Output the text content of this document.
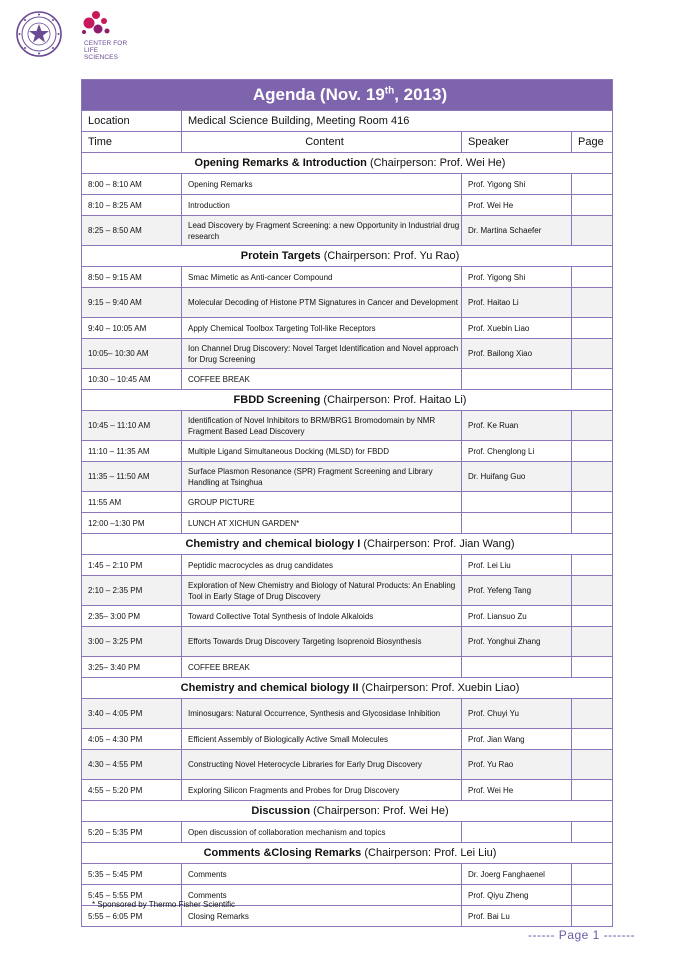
CENTER FOR
LIFE SCIENCES
Agenda (Nov. 19th, 2013)			
Location	Medical Science Building, Meeting Room 416		
Time	Content	Speaker	Page
Opening Remarks & Introduction (Chairperson: Prof. Wei He)			
8:00 – 8:10 AM	Opening Remarks	Prof. Yigong Shi	
8:10 – 8:25 AM	Introduction	Prof. Wei He	
8:25 – 8:50 AM	Lead Discovery by Fragment Screening: a new Opportunity in Industrial drug research	Dr. Martina Schaefer	
Protein Targets (Chairperson: Prof. Yu Rao)			
8:50 – 9:15 AM	Smac Mimetic as Anti-cancer Compound	Prof. Yigong Shi	
9:15 – 9:40 AM	Molecular Decoding of Histone PTM Signatures in Cancer and Development	Prof. Haitao Li	
9:40 – 10:05 AM	Apply Chemical Toolbox Targeting Toll-like Receptors	Prof. Xuebin Liao	
10:05– 10:30 AM	Ion Channel Drug Discovery: Novel Target Identification and Novel approach for Drug Screening	Prof. Bailong Xiao	
10:30 – 10:45 AM	COFFEE BREAK		
FBDD Screening (Chairperson: Prof. Haitao Li)			
10:45 – 11:10 AM	Identification of Novel Inhibitors to BRM/BRG1 Bromodomain by NMR Fragment Based Lead Discovery	Prof. Ke Ruan	
11:10 – 11:35 AM	Multiple Ligand Simultaneous Docking (MLSD) for FBDD	Prof. Chenglong Li	
11:35 – 11:50 AM	Surface Plasmon Resonance (SPR) Fragment Screening and Library Handling at Tsinghua	Dr. Huifang Guo	
11:55 AM	GROUP PICTURE		
12:00 –1:30 PM	LUNCH AT XICHUN GARDEN*		
Chemistry and chemical biology I (Chairperson: Prof. Jian Wang)			
1:45 – 2:10 PM	Peptidic macrocycles as drug candidates	Prof. Lei Liu	
2:10 – 2:35 PM	Exploration of New Chemistry and Biology of Natural Products: An Enabling Tool in Early Stage of Drug Discovery	Prof. Yefeng Tang	
2:35– 3:00 PM	Toward Collective Total Synthesis of Indole Alkaloids	Prof. Liansuo Zu	
3:00 – 3:25 PM	Efforts Towards Drug Discovery Targeting Isoprenoid Biosynthesis	Prof. Yonghui Zhang	
3:25– 3:40 PM	COFFEE BREAK		
Chemistry and chemical biology II (Chairperson: Prof. Xuebin Liao)			
3:40 – 4:05 PM	Iminosugars: Natural Occurrence, Synthesis and Glycosidase Inhibition	Prof. Chuyi Yu	
4:05 – 4:30 PM	Efficient Assembly of Biologically Active Small Molecules	Prof. Jian Wang	
4:30 – 4:55 PM	Constructing Novel Heterocycle Libraries for Early Drug Discovery	Prof. Yu Rao	
4:55 – 5:20 PM	Exploring Silicon Fragments and Probes for Drug Discovery	Prof. Wei He	
Discussion (Chairperson: Prof. Wei He)			
5:20 – 5:35 PM	Open discussion of collaboration mechanism and topics		
Comments &Closing Remarks (Chairperson: Prof. Lei Liu)			
5:35 – 5:45 PM	Comments	Dr. Joerg Fanghaenel	
5:45 – 5:55 PM	Comments	Prof. Qiyu Zheng	
5:55 – 6:05 PM	Closing Remarks	Prof. Bai Lu	
* Sponsored by Thermo Fisher Scientific
------ Page 1 -------
